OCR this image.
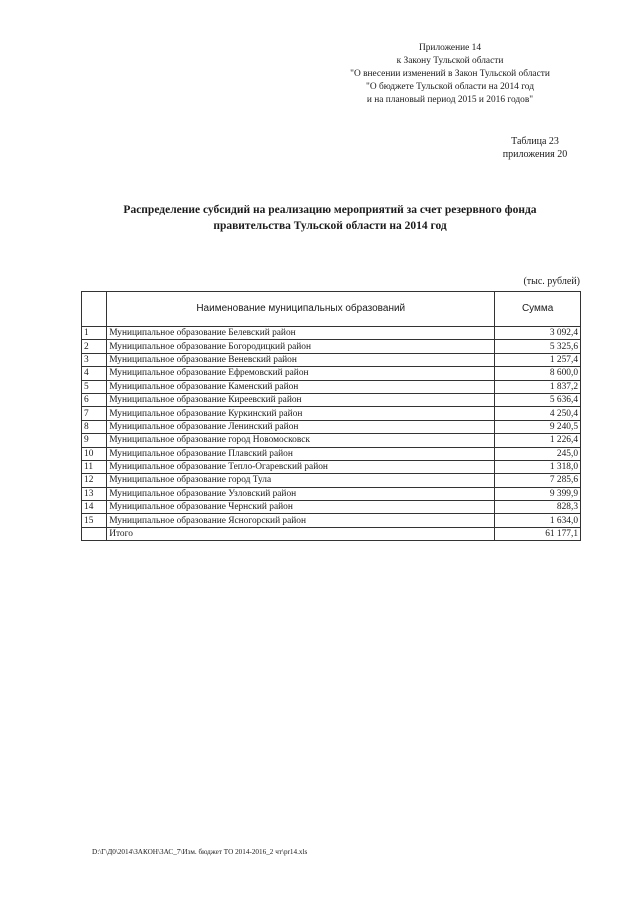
Приложение 14
к Закону Тульской области
"О внесении изменений в Закон Тульской области
"О бюджете Тульской области на 2014 год
и на плановый период 2015 и 2016 годов"
Таблица 23
приложения 20
Распределение субсидий на реализацию мероприятий за счет резервного фонда
правительства Тульской области на 2014 год
(тыс. рублей)
	Наименование муниципальных образований	Сумма
1	Муниципальное образование Белевский район	3 092,4
2	Муниципальное образование Богородицкий район	5 325,6
3	Муниципальное образование Веневский район	1 257,4
4	Муниципальное образование Ефремовский район	8 600,0
5	Муниципальное образование Каменский район	1 837,2
6	Муниципальное образование Киреевский район	5 636,4
7	Муниципальное образование Куркинский район	4 250,4
8	Муниципальное образование Ленинский район	9 240,5
9	Муниципальное образование город Новомосковск	1 226,4
10	Муниципальное образование Плавский район	245,0
11	Муниципальное образование Тепло-Огаревский район	1 318,0
12	Муниципальное образование город Тула	7 285,6
13	Муниципальное образование Узловский район	9 399,9
14	Муниципальное образование Чернский район	828,3
15	Муниципальное образование Ясногорский район	1 634,0
	Итого	61 177,1
D:\Г\Д0\2014\ЗАКОН\ЗАС_7\Изм. бюджет ТО 2014-2016_2 чт\pr14.xls
